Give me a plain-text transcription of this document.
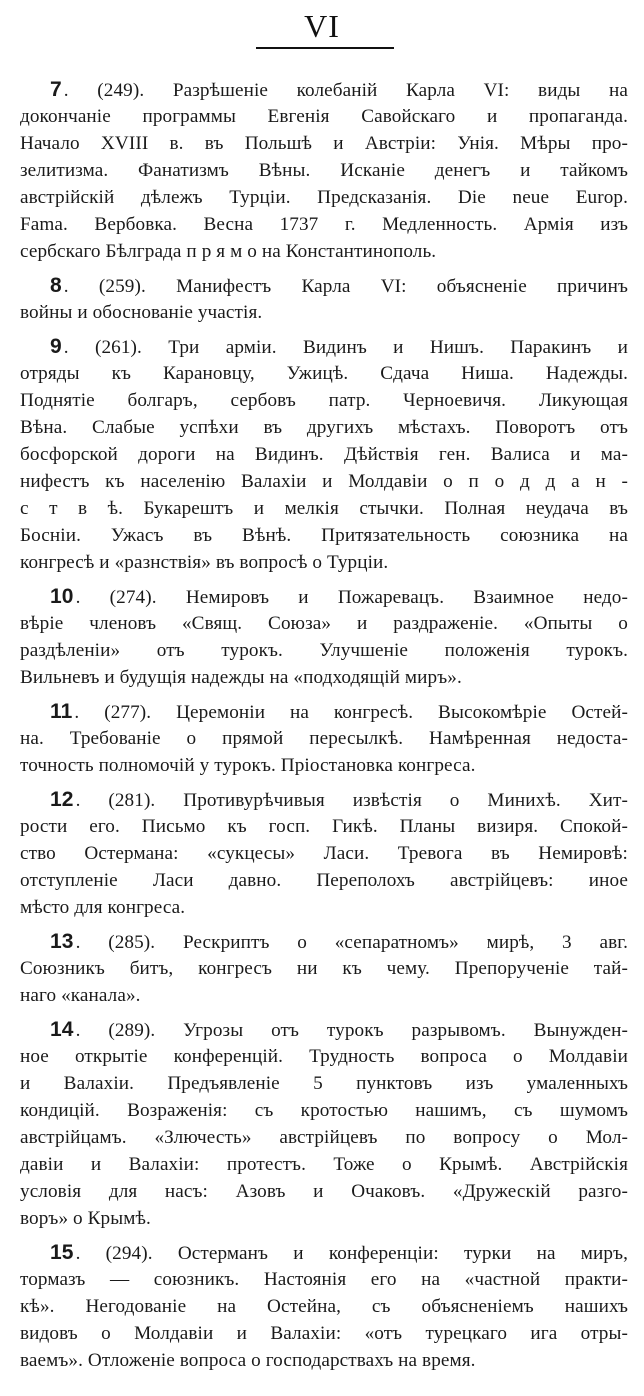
VI
7 . (249). Разрѣшеніе колебаній Карла VI: виды на
докончаніе программы Евгенія Савойскаго и пропаганда.
Начало XVIII в. въ Польшѣ и Австріи: Унія. Мѣры про-
зелитизма. Фанатизмъ Вѣны. Исканіе денегъ и тайкомъ
австрійскій дѣлежъ Турціи. Предсказанія. Die neue Europ.
Fama. Вербовка. Весна 1737 г. Медленность. Армія изъ
сербскаго Бѣлграда п р я м о на Константинополь.
8 . (259). Манифестъ Карла VI: объясненіе причинъ
войны и обоснованіе участія.
9 . (261). Три арміи. Видинъ и Нишъ. Паракинъ и
отряды къ Карановцу, Ужицѣ. Сдача Ниша. Надежды.
Поднятіе болгаръ, сербовъ патр. Черноевичя. Ликующая
Вѣна. Слабые успѣхи въ другихъ мѣстахъ. Поворотъ отъ
босфорской дороги на Видинъ. Дѣйствія ген. Валиса и ма-
нифестъ къ населенію Валахіи и Молдавіи о п о д д а н -
с т в ѣ. Букарештъ и мелкія стычки. Полная неудача въ
Босніи. Ужасъ въ Вѣнѣ. Притязательность союзника на
конгресѣ и «разнствія» въ вопросѣ о Турціи.
10 . (274). Немировъ и Пожаревацъ. Взаимное недо-
вѣріе членовъ «Свящ. Союза» и раздраженіе. «Опыты о
раздѣленіи» отъ турокъ. Улучшеніе положенія турокъ.
Вильневъ и будущія надежды на «подходящій миръ».
11 . (277). Церемоніи на конгресѣ. Высокомѣріе Остей-
на. Требованіе о прямой пересылкѣ. Намѣренная недоста-
точность полномочій у турокъ. Пріостановка конгреса.
12 . (281). Противурѣчивыя извѣстія о Минихѣ. Хит-
рости его. Письмо къ госп. Гикѣ. Планы визиря. Спокой-
ство Остермана: «сукцесы» Ласи. Тревога въ Немировѣ:
отступленіе Ласи давно. Переполохъ австрійцевъ: иное
мѣсто для конгреса.
13 . (285). Рескриптъ о «сепаратномъ» мирѣ, 3 авг.
Союзникъ битъ, конгресъ ни къ чему. Препорученіе тай-
наго «канала».
14 . (289). Угрозы отъ турокъ разрывомъ. Вынужден-
ное открытіе конференцій. Трудность вопроса о Молдавіи
и Валахіи. Предъявленіе 5 пунктовъ изъ умаленныхъ
кондицій. Возраженія: съ кротостью нашимъ, съ шумомъ
австрійцамъ. «Злючесть» австрійцевъ по вопросу о Мол-
давіи и Валахіи: протестъ. Тоже о Крымѣ. Австрійскія
условія для насъ: Азовъ и Очаковъ. «Дружескій разго-
воръ» о Крымѣ.
15 . (294). Остерманъ и конференціи: турки на миръ,
тормазъ — союзникъ. Настоянія его на «частной практи-
кѣ». Негодованіе на Остейна, съ объясненіемъ нашихъ
видовъ о Молдавіи и Валахіи: «отъ турецкаго ига отры-
ваемъ». Отложеніе вопроса о господарствахъ на время.
